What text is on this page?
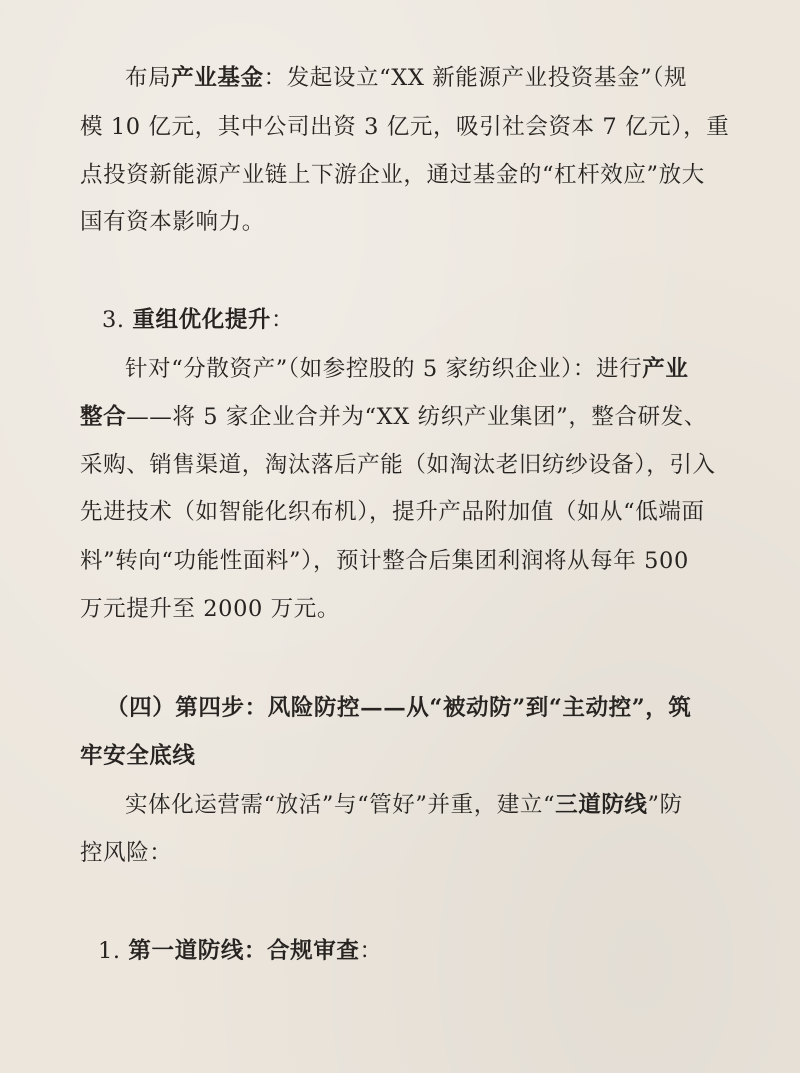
布局产业基金：发起设立“XX 新能源产业投资基金”（规
模 10 亿元，其中公司出资 3 亿元，吸引社会资本 7 亿元），重
点投资新能源产业链上下游企业，通过基金的“杠杆效应”放大
国有资本影响力。
3. 重组优化提升：
针对“分散资产”（如参控股的 5 家纺织企业）：进行产业
整合——将 5 家企业合并为“XX 纺织产业集团”，整合研发、
采购、销售渠道，淘汰落后产能（如淘汰老旧纺纱设备），引入
先进技术（如智能化织布机），提升产品附加值（如从“低端面
料”转向“功能性面料”），预计整合后集团利润将从每年 500
万元提升至 2000 万元。
（四）第四步：风险防控——从“被动防”到“主动控”，筑
牢安全底线
实体化运营需“放活”与“管好”并重，建立“三道防线”防
控风险：
1. 第一道防线：合规审查：
